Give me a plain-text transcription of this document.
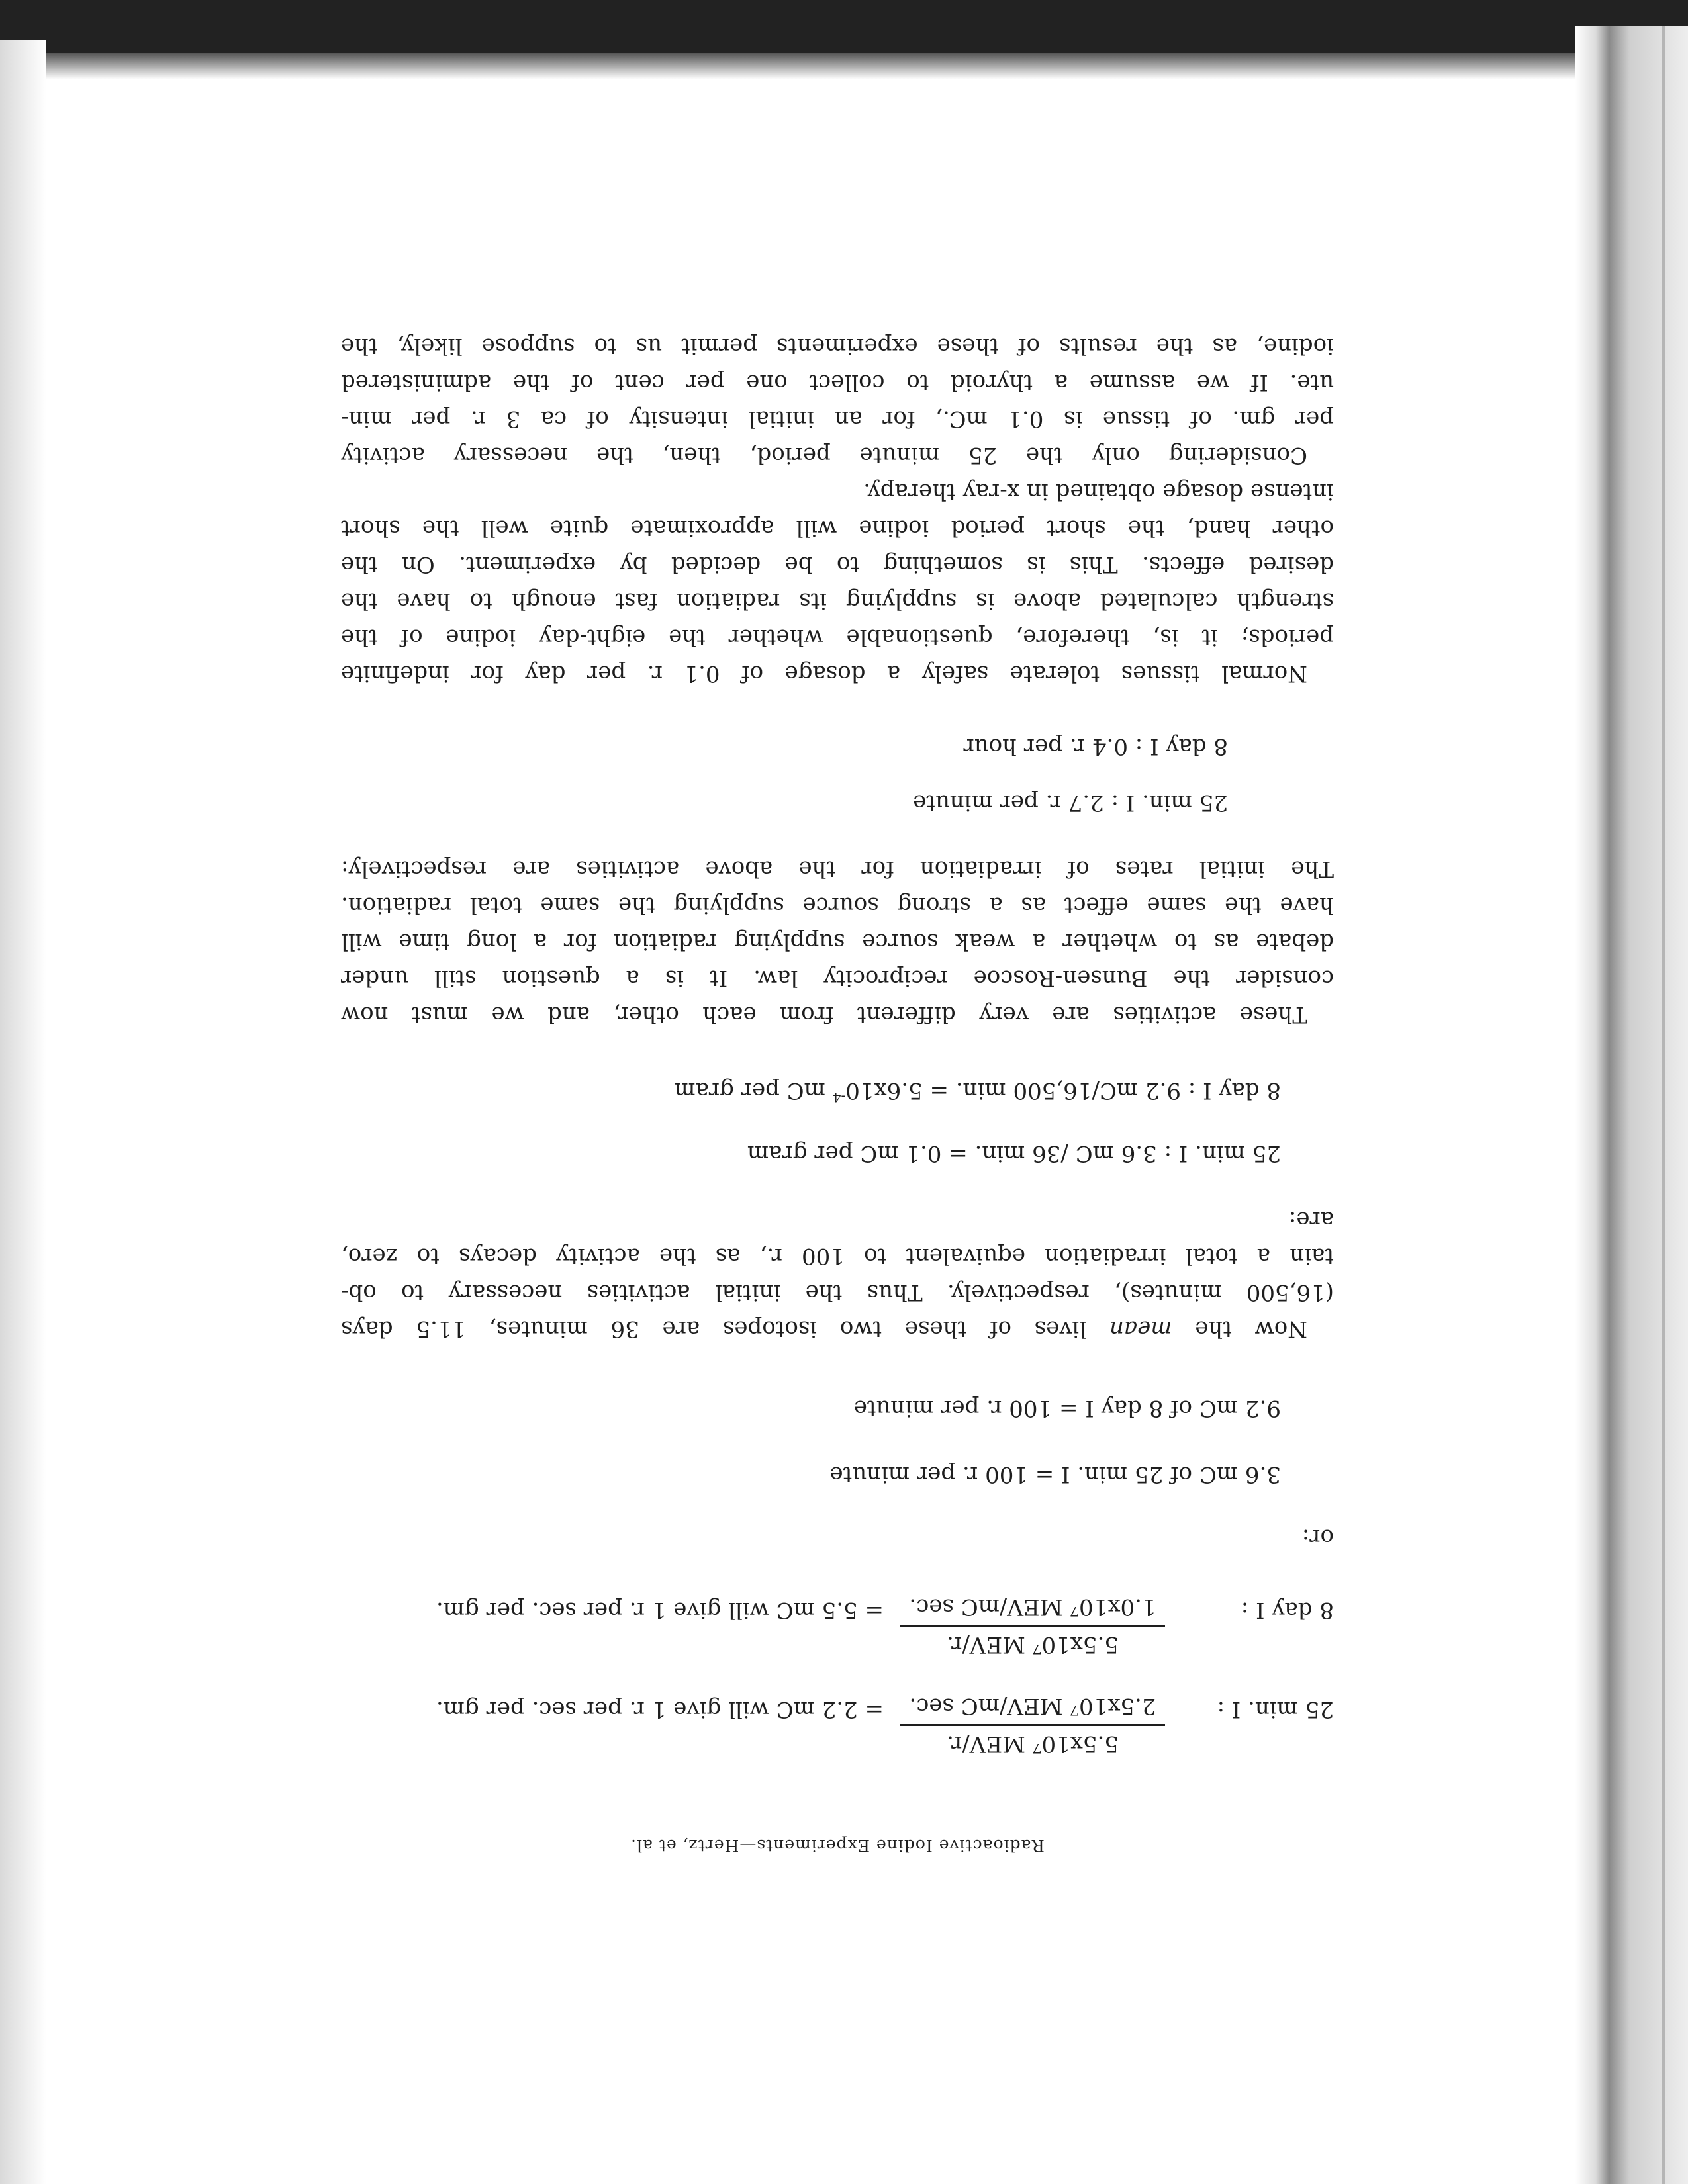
Radioactive Iodine Experiments—Hertz, et al.
25 min. I :
5.5x10⁷ MEV/r.
2.5x10⁷ MEV/mC sec.
= 2.2 mC will give 1 r. per sec. per gm.
8 day I :
5.5x10⁷ MEV/r.
1.0x10⁷ MEV/mC sec.
= 5.5 mC will give 1 r. per sec. per gm.
or:
3.6 mC of 25 min. I = 100 r. per minute
9.2 mC of 8 day I = 100 r. per minute
Now the mean lives of these two isotopes are 36 minutes, 11.5 days
(16,500 minutes), respectively. Thus the initial activities necessary to ob-
tain a total irradiation equivalent to 100 r., as the activity decays to zero,
are:
25 min. I : 3.6 mC /36 min. = 0.1 mC per gram
8 day I : 9.2 mC/16,500 min. = $5.6x10^{-4}$ mC per gram
These activities are very different from each other, and we must now
consider the Bunsen-Roscoe reciprocity law. It is a question still under
debate as to whether a weak source supplying radiation for a long time will
have the same effect as a strong source supplying the same total radiation.
The initial rates of irradiation for the above activities are respectively:
25 min. I : 2.7 r. per minute
8 day I : 0.4 r. per hour
Normal tissues tolerate safely a dosage of 0.1 r. per day for indefinite
periods; it is, therefore, questionable whether the eight-day iodine of the
strength calculated above is supplying its radiation fast enough to have the
desired effects. This is something to be decided by experiment. On the
other hand, the short period iodine will approximate quite well the short
intense dosage obtained in x-ray therapy.
Considering only the 25 minute period, then, the necessary activity
per gm. of tissue is 0.1 mC., for an initial intensity of ca 3 r. per min-
ute. If we assume a thyroid to collect one per cent of the administered
iodine, as the results of these experiments permit us to suppose likely, the
